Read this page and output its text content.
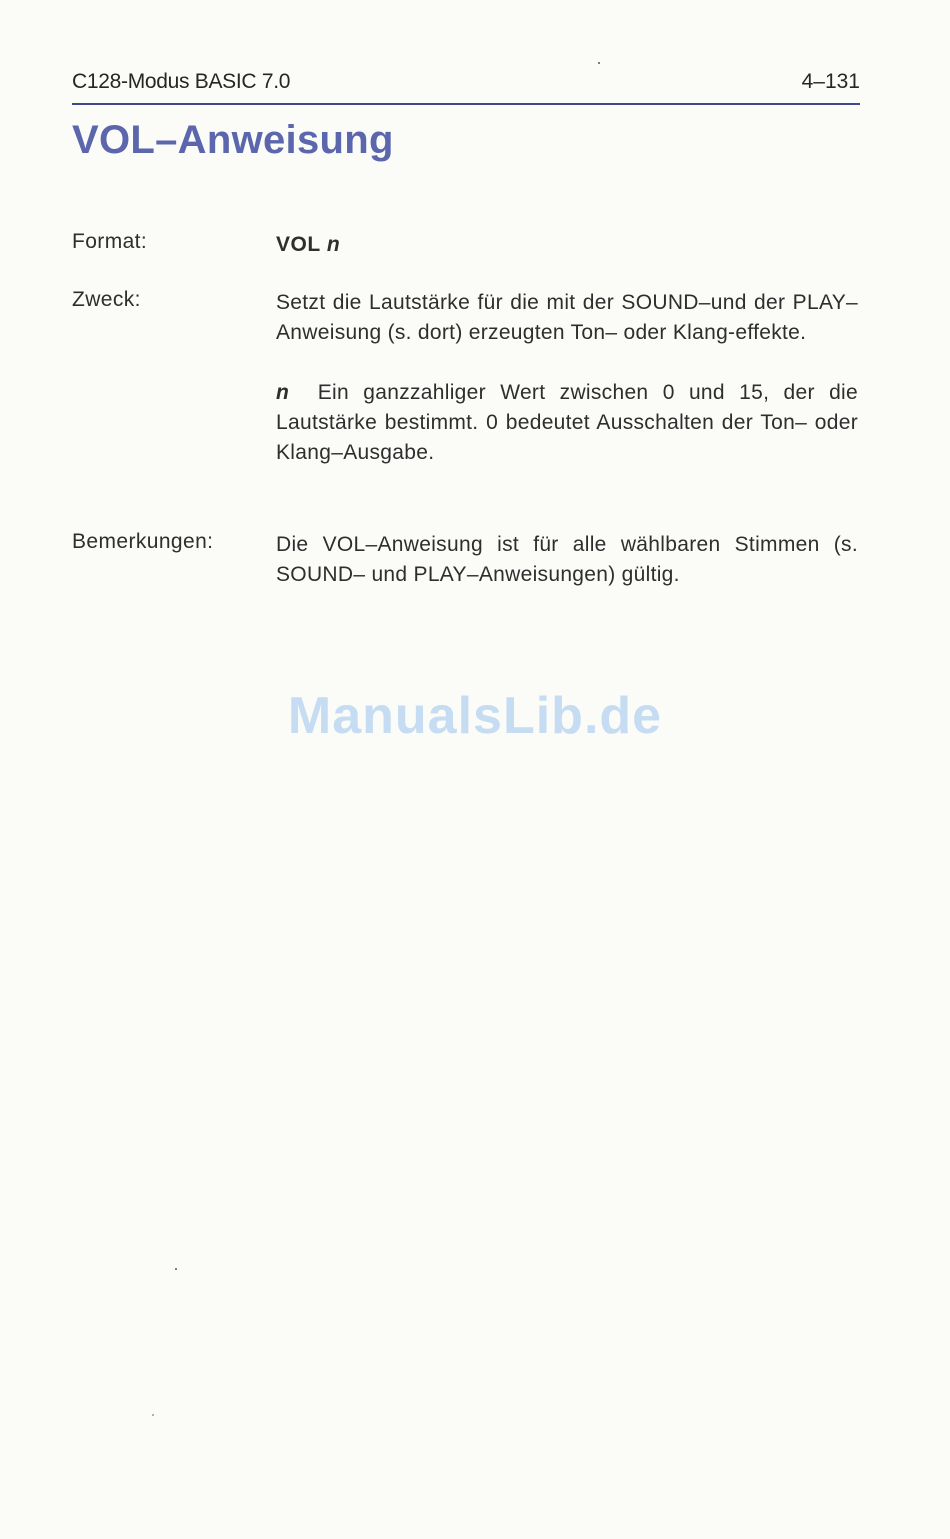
C128-Modus BASIC 7.0	4–131
VOL–Anweisung
Format:	VOL n
Zweck:	Setzt die Lautstärke für die mit der SOUND–und der PLAY–Anweisung (s. dort) erzeugten Ton– oder Klang-effekte.

n Ein ganzzahliger Wert zwischen 0 und 15, der die Lautstärke bestimmt. 0 bedeutet Ausschalten der Ton– oder Klang–Ausgabe.

Bemerkungen:	Die VOL–Anweisung ist für alle wählbaren Stimmen (s. SOUND– und PLAY–Anweisungen) gültig.

ManualsLib.de
